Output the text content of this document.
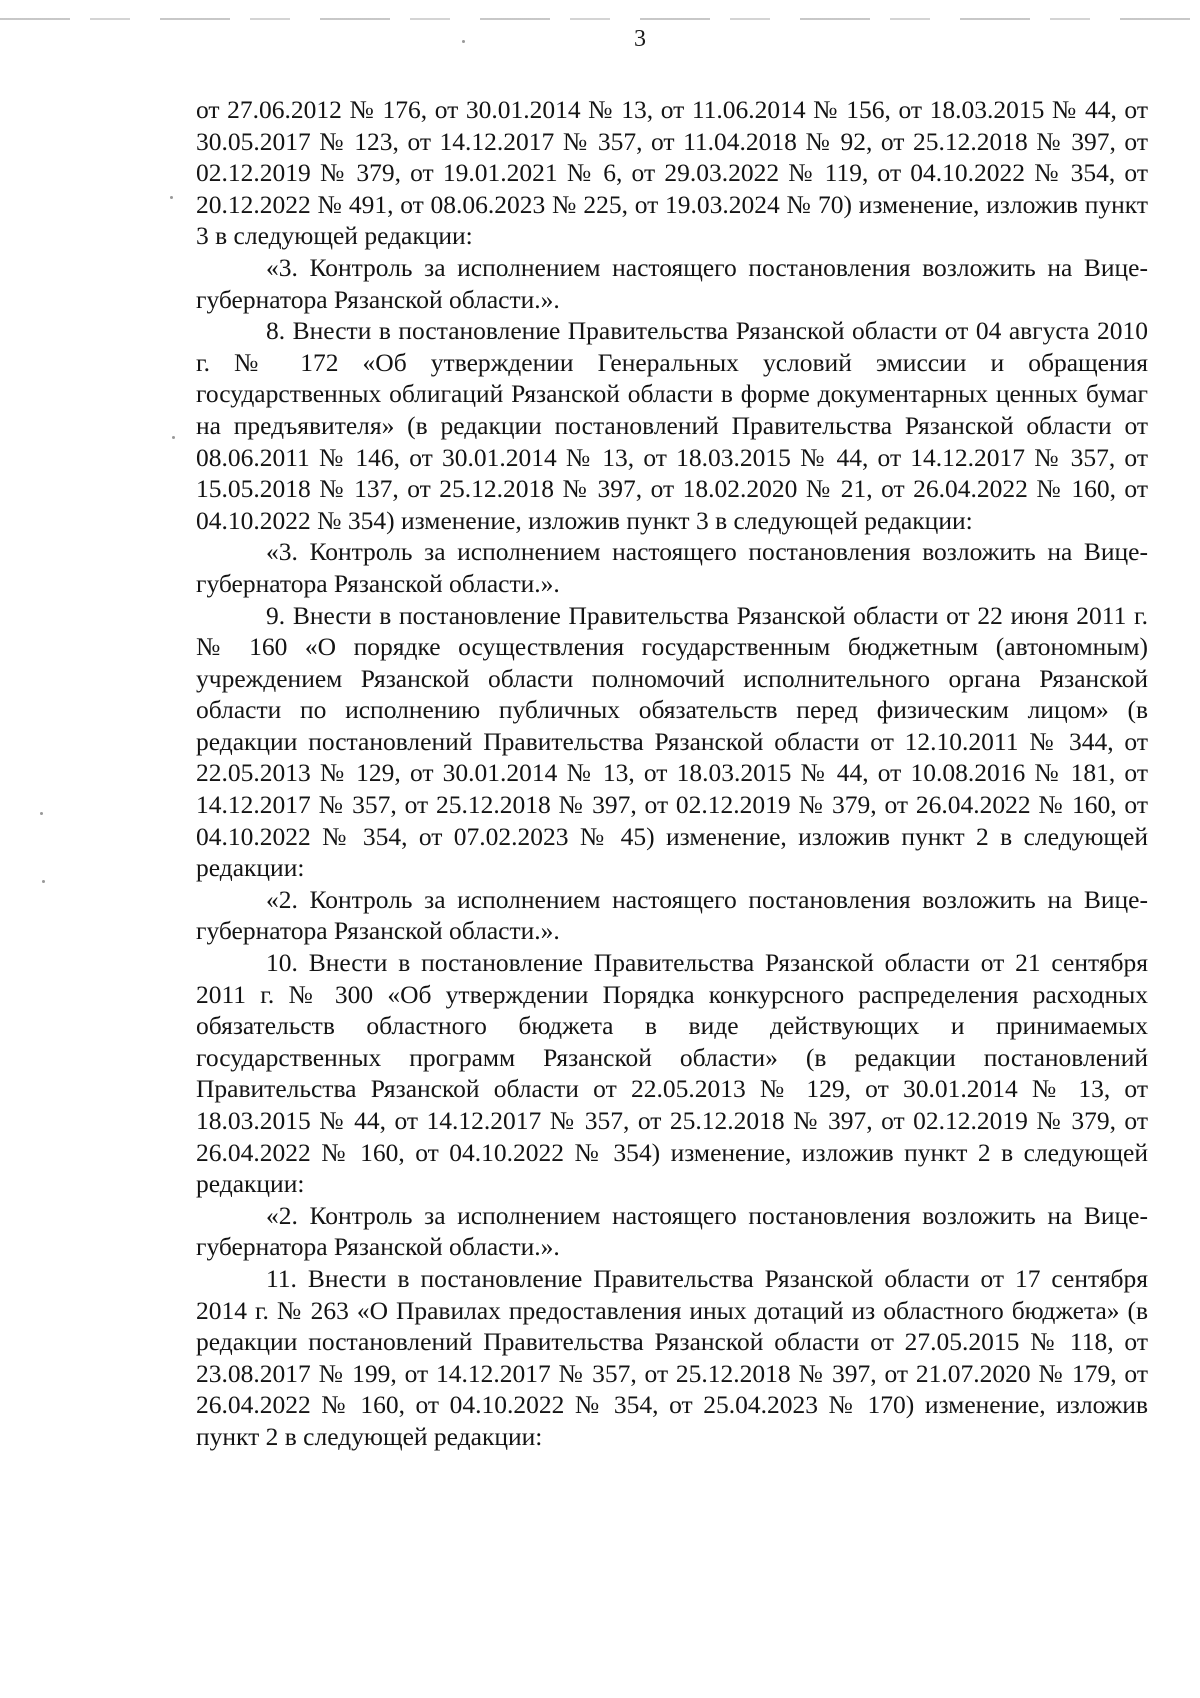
3

от 27.06.2012 № 176, от 30.01.2014 № 13, от 11.06.2014 № 156, от 18.03.2015 № 44, от 30.05.2017 № 123, от 14.12.2017 № 357, от 11.04.2018 № 92, от 25.12.2018 № 397, от 02.12.2019 № 379, от 19.01.2021 № 6, от 29.03.2022 № 119, от 04.10.2022 № 354, от 20.12.2022 № 491, от 08.06.2023 № 225, от 19.03.2024 № 70) изменение, изложив пункт 3 в следующей редакции:

«3. Контроль за исполнением настоящего постановления возложить на Вице-губернатора Рязанской области.».

8. Внести в постановление Правительства Рязанской области от 04 августа 2010 г. № 172 «Об утверждении Генеральных условий эмиссии и обращения государственных облигаций Рязанской области в форме документарных ценных бумаг на предъявителя» (в редакции постановлений Правительства Рязанской области от 08.06.2011 № 146, от 30.01.2014 № 13, от 18.03.2015 № 44, от 14.12.2017 № 357, от 15.05.2018 № 137, от 25.12.2018 № 397, от 18.02.2020 № 21, от 26.04.2022 № 160, от 04.10.2022 № 354) изменение, изложив пункт 3 в следующей редакции:

«3. Контроль за исполнением настоящего постановления возложить на Вице-губернатора Рязанской области.».

9. Внести в постановление Правительства Рязанской области от 22 июня 2011 г. № 160 «О порядке осуществления государственным бюджетным (автономным) учреждением Рязанской области полномочий исполнительного органа Рязанской области по исполнению публичных обязательств перед физическим лицом» (в редакции постановлений Правительства Рязанской области от 12.10.2011 № 344, от 22.05.2013 № 129, от 30.01.2014 № 13, от 18.03.2015 № 44, от 10.08.2016 № 181, от 14.12.2017 № 357, от 25.12.2018 № 397, от 02.12.2019 № 379, от 26.04.2022 № 160, от 04.10.2022 № 354, от 07.02.2023 № 45) изменение, изложив пункт 2 в следующей редакции:

«2. Контроль за исполнением настоящего постановления возложить на Вице-губернатора Рязанской области.».

10. Внести в постановление Правительства Рязанской области от 21 сентября 2011 г. № 300 «Об утверждении Порядка конкурсного распределения расходных обязательств областного бюджета в виде действующих и принимаемых государственных программ Рязанской области» (в редакции постановлений Правительства Рязанской области от 22.05.2013 № 129, от 30.01.2014 № 13, от 18.03.2015 № 44, от 14.12.2017 № 357, от 25.12.2018 № 397, от 02.12.2019 № 379, от 26.04.2022 № 160, от 04.10.2022 № 354) изменение, изложив пункт 2 в следующей редакции:

«2. Контроль за исполнением настоящего постановления возложить на Вице-губернатора Рязанской области.».

11. Внести в постановление Правительства Рязанской области от 17 сентября 2014 г. № 263 «О Правилах предоставления иных дотаций из областного бюджета» (в редакции постановлений Правительства Рязанской области от 27.05.2015 № 118, от 23.08.2017 № 199, от 14.12.2017 № 357, от 25.12.2018 № 397, от 21.07.2020 № 179, от 26.04.2022 № 160, от 04.10.2022 № 354, от 25.04.2023 № 170) изменение, изложив пункт 2 в следующей редакции:
